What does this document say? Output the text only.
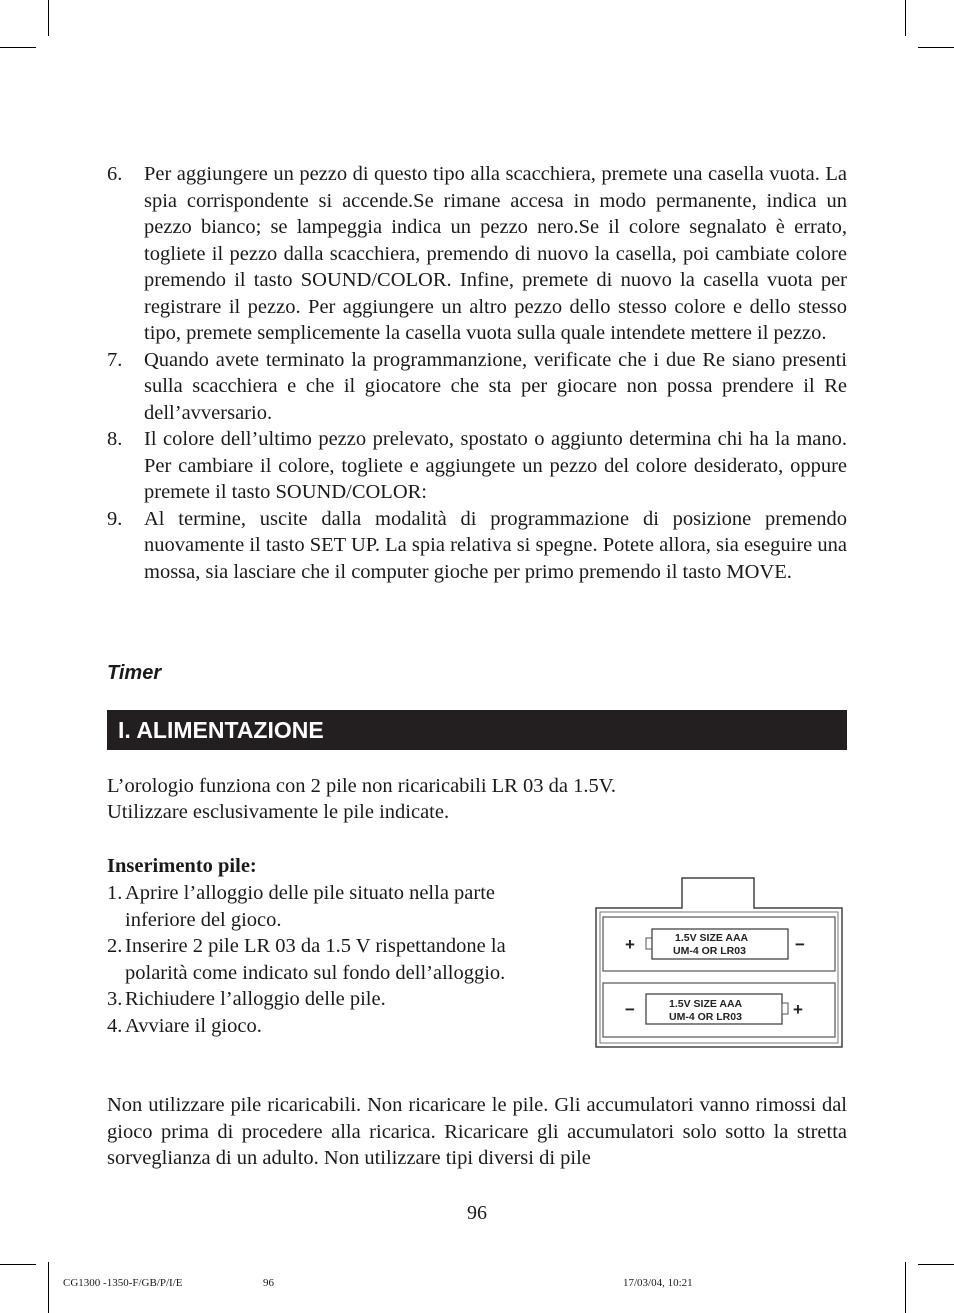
6. Per aggiungere un pezzo di questo tipo alla scacchiera, premete una casella vuota. La spia corrispondente si accende.Se rimane accesa in modo permanente, indica un pezzo bianco; se lampeggia indica un pezzo nero.Se il colore segnalato è errato, togliete il pezzo dalla scacchiera, premendo di nuovo la casella, poi cambiate colore premendo il tasto SOUND/COLOR. Infine, premete di nuovo la casella vuota per registrare il pezzo. Per aggiungere un altro pezzo dello stesso colore e dello stesso tipo, premete semplicemente la casella vuota sulla quale intendete mettere il pezzo.
7. Quando avete terminato la programmanzione, verificate che i due Re siano presenti sulla scacchiera e che il giocatore che sta per giocare non possa prendere il Re dell’avversario.
8. Il colore dell’ultimo pezzo prelevato, spostato o aggiunto determina chi ha la mano. Per cambiare il colore, togliete e aggiungete un pezzo del colore desiderato, oppure premete il tasto SOUND/COLOR:
9. Al termine, uscite dalla modalità di programmazione di posizione premendo nuovamente il tasto SET UP. La spia relativa si spegne. Potete allora, sia eseguire una mossa, sia lasciare che il computer gioche per primo premendo il tasto MOVE.
Timer
I. ALIMENTAZIONE

L’orologio funziona con 2 pile non ricaricabili LR 03 da 1.5V.

Utilizzare esclusivamente le pile indicate.

Inserimento pile:

1. Aprire l’alloggio delle pile situato nella parte inferiore del gioco.
2. Inserire 2 pile LR 03 da 1.5 V rispettandone la polarità come indicato sul fondo dell’alloggio.
3. Richiudere l’alloggio delle pile.
4. Avviare il gioco.
+	1.5V SIZE AAA
UM-4 OR LR03	−
−	1.5V SIZE AAA
UM-4 OR LR03	+

Non utilizzare pile ricaricabili. Non ricaricare le pile. Gli accumulatori vanno rimossi dal gioco prima di procedere alla ricarica. Ricaricare gli accumulatori solo sotto la stretta sorveglianza di un adulto. Non utilizzare tipi diversi di pile

96
CG1300 -1350-F/GB/P/I/E	96	17/03/04, 10:21
